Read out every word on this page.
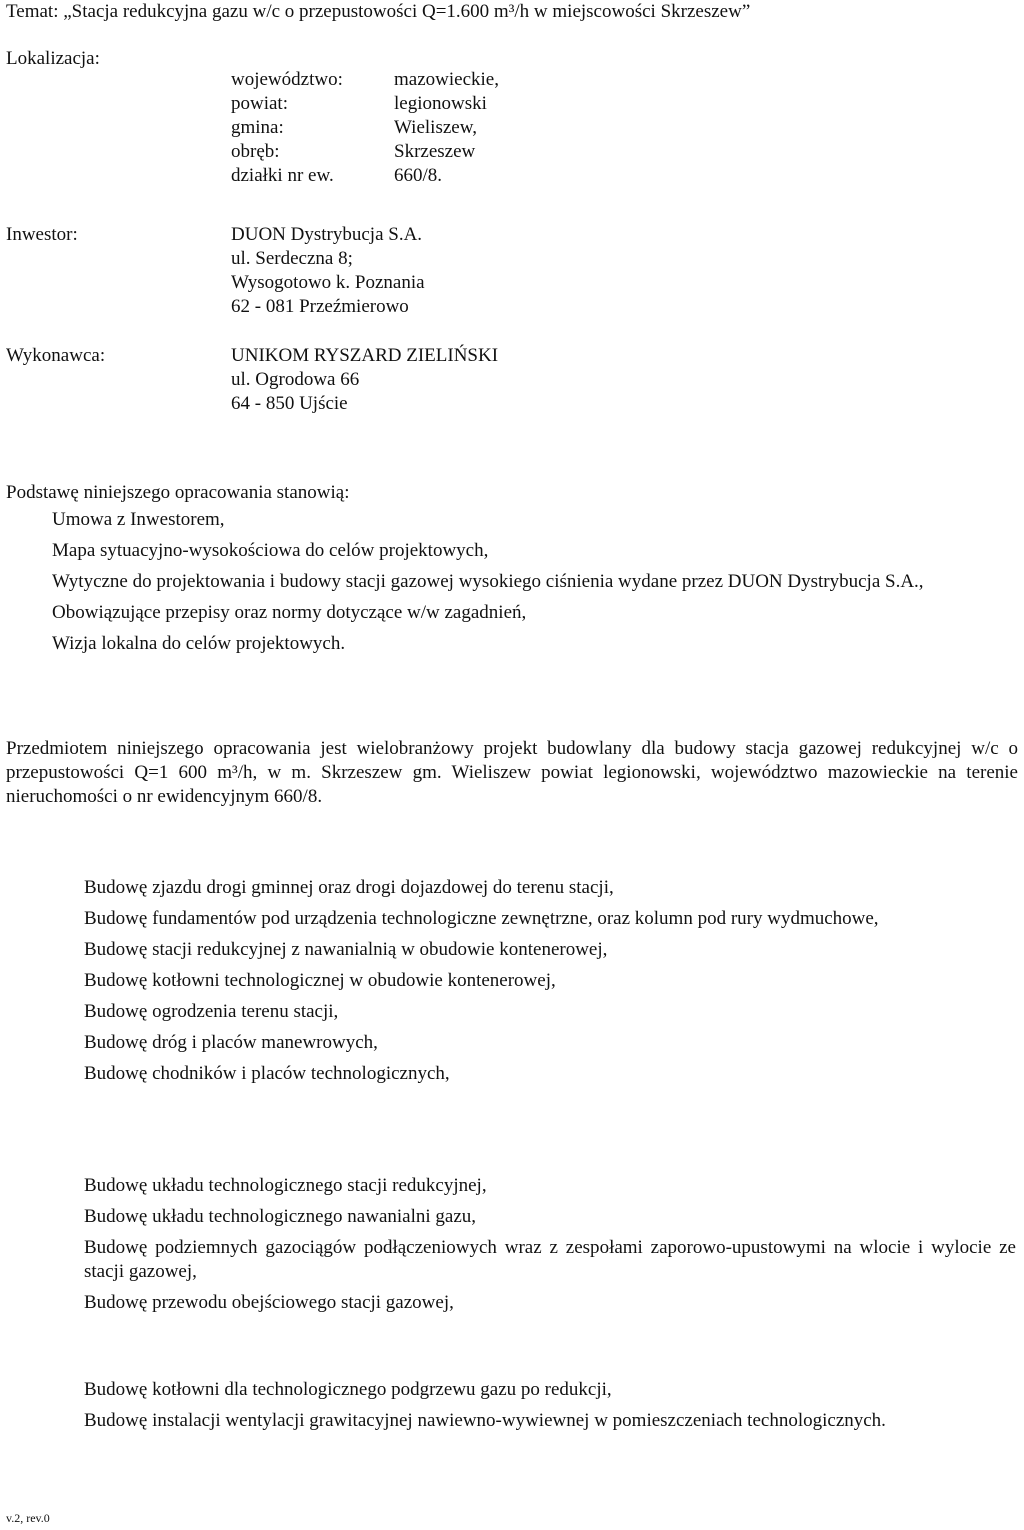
Temat: „Stacja redukcyjna gazu w/c o przepustowości Q=1.600 m³/h w miejscowości Skrzeszew”
Lokalizacja:
województwo:	mazowieckie,
powiat:	legionowski
gmina:	Wieliszew,
obręb:	Skrzeszew
działki nr ew.	660/8.
Inwestor:	DUON Dystrybucja S.A.
ul. Serdeczna 8;
Wysogotowo k. Poznania
62 - 081 Przeźmierowo
Wykonawca:	UNIKOM RYSZARD ZIELIŃSKI
ul. Ogrodowa 66
64 - 850 Ujście
Podstawę niniejszego opracowania stanowią:
Umowa z Inwestorem,
Mapa sytuacyjno-wysokościowa do celów projektowych,
Wytyczne do projektowania i budowy stacji gazowej wysokiego ciśnienia wydane przez DUON Dystrybucja S.A.,
Obowiązujące przepisy oraz normy dotyczące w/w zagadnień,
Wizja lokalna do celów projektowych.

Przedmiotem niniejszego opracowania jest wielobranżowy projekt budowlany dla budowy stacja gazowej redukcyjnej w/c o przepustowości Q=1 600 m³/h, w m. Skrzeszew gm. Wieliszew powiat legionowski, województwo mazowieckie na terenie nieruchomości o nr ewidencyjnym 660/8.

Budowę zjazdu drogi gminnej oraz drogi dojazdowej do terenu stacji,
Budowę fundamentów pod urządzenia technologiczne zewnętrzne, oraz kolumn pod rury wydmuchowe,
Budowę stacji redukcyjnej z nawanialnią w obudowie kontenerowej,
Budowę kotłowni technologicznej w obudowie kontenerowej,
Budowę ogrodzenia terenu stacji,
Budowę dróg i placów manewrowych,
Budowę chodników i placów technologicznych,
Budowę układu technologicznego stacji redukcyjnej,
Budowę układu technologicznego nawanialni gazu,
Budowę podziemnych gazociągów podłączeniowych wraz z zespołami zaporowo-upustowymi na wlocie i wylocie ze stacji gazowej,
Budowę przewodu obejściowego stacji gazowej,
Budowę kotłowni dla technologicznego podgrzewu gazu po redukcji,
Budowę instalacji wentylacji grawitacyjnej nawiewno-wywiewnej w pomieszczeniach technologicznych.
v.2, rev.0
